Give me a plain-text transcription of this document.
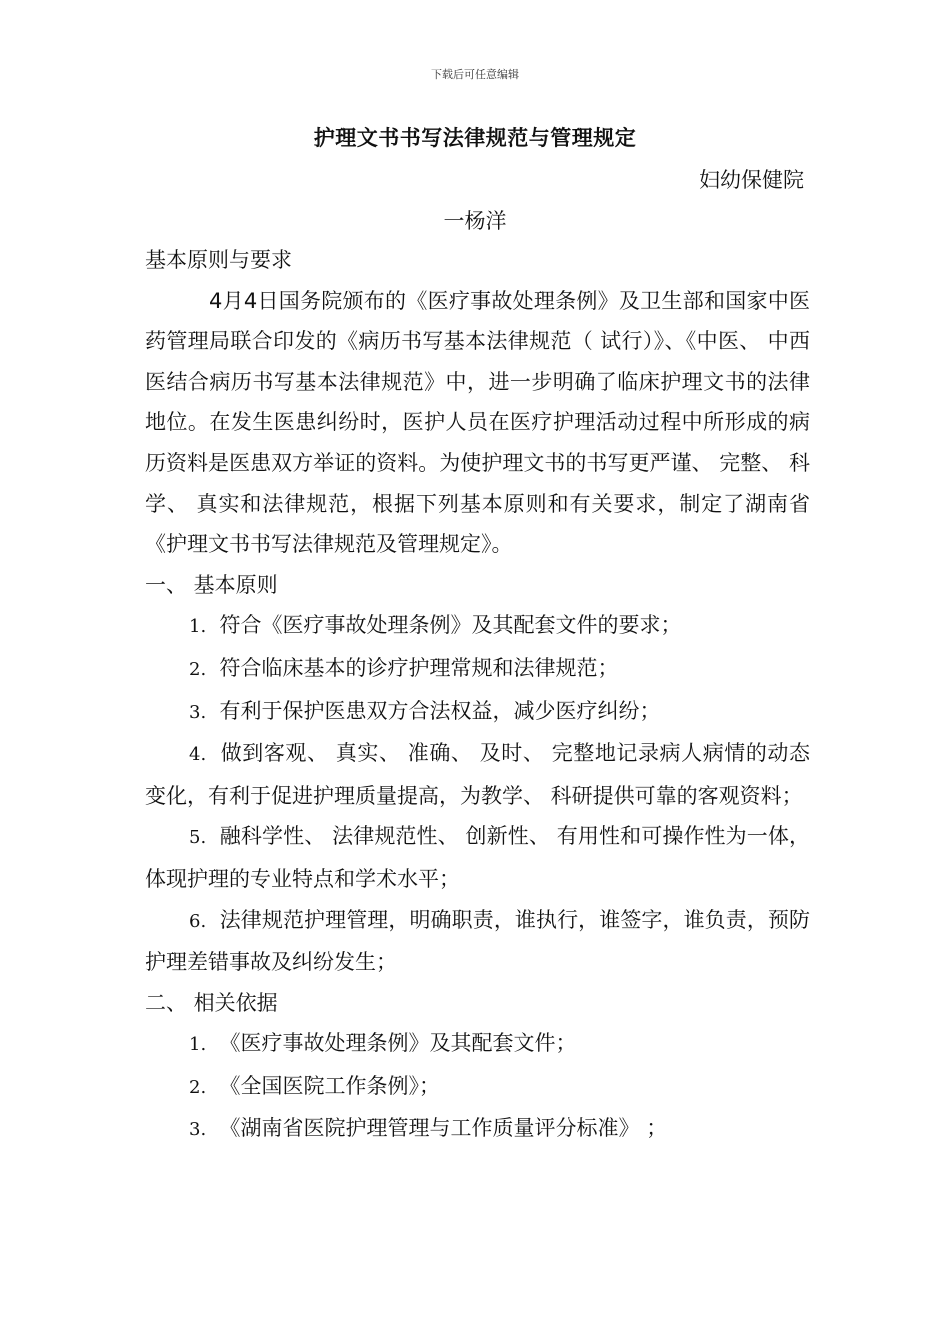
下载后可任意编辑
护理文书书写法律规范与管理规定
妇幼保健院
一杨洋

基本原则与要求

4月4日国务院颁布的《医疗事故处理条例》及卫生部和国家中医药管理局联合印发的《病历书写基本法律规范（ 试行）》、《中医、 中西医结合病历书写基本法律规范》中，进一步明确了临床护理文书的法律地位。在发生医患纠纷时，医护人员在医疗护理活动过程中所形成的病历资料是医患双方举证的资料。为使护理文书的书写更严谨、 完整、 科学、 真实和法律规范，根据下列基本原则和有关要求，制定了湖南省《护理文书书写法律规范及管理规定》。

一、 基本原则

1. 符合《医疗事故处理条例》及其配套文件的要求；

2. 符合临床基本的诊疗护理常规和法律规范；

3. 有利于保护医患双方合法权益，减少医疗纠纷；

4. 做到客观、 真实、 准确、 及时、 完整地记录病人病情的动态变化，有利于促进护理质量提高，为教学、 科研提供可靠的客观资料；

5. 融科学性、 法律规范性、 创新性、 有用性和可操作性为一体，体现护理的专业特点和学术水平；

6. 法律规范护理管理，明确职责，谁执行，谁签字，谁负责，预防护理差错事故及纠纷发生；

二、 相关依据

1. 《医疗事故处理条例》及其配套文件；

2. 《全国医院工作条例》；

3. 《湖南省医院护理管理与工作质量评分标准》 ；
